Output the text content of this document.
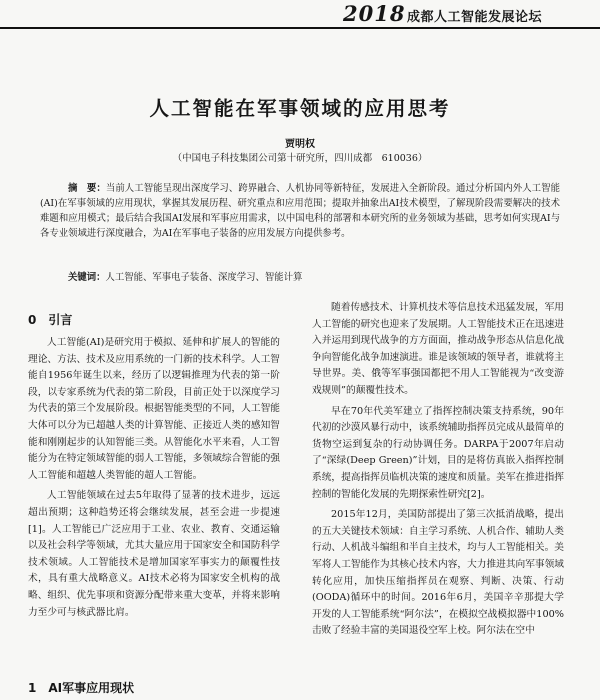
2018 成都人工智能发展论坛
人工智能在军事领域的应用思考
贾明权
（中国电子科技集团公司第十研究所，四川成都　610036）

摘　要：当前人工智能呈现出深度学习、跨界融合、人机协同等新特征，发展进入全新阶段。通过分析国内外人工智能(AI)在军事领域的应用现状，掌握其发展历程、研究重点和应用范围；提取并抽象出AI技术模型，了解现阶段需要解决的技术难题和应用模式；最后结合我国AI发展和军事应用需求，以中国电科的部署和本研究所的业务领域为基础，思考如何实现AI与各专业领域进行深度融合，为AI在军事电子装备的应用发展方向提供参考。

关键词：人工智能、军事电子装备、深度学习、智能计算

0　引言

人工智能(AI)是研究用于模拟、延伸和扩展人的智能的理论、方法、技术及应用系统的一门新的技术科学。人工智能自1956年诞生以来，经历了以逻辑推理为代表的第一阶段，以专家系统为代表的第二阶段，目前正处于以深度学习为代表的第三个发展阶段。根据智能类型的不同，人工智能大体可以分为已超越人类的计算智能、正接近人类的感知智能和刚刚起步的认知智能三类。从智能化水平来看，人工智能分为在特定领域智能的弱人工智能，多领域综合智能的强人工智能和超越人类智能的超人工智能。

人工智能领域在过去5年取得了显著的技术进步，远远超出预期；这种趋势还将会继续发展，甚至会进一步提速[1]。人工智能已广泛应用于工业、农业、教育、交通运输以及社会科学等领域，尤其大量应用于国家安全和国防科学技术领域。人工智能技术是增加国家军事实力的颠覆性技术，具有重大战略意义。AI技术必将为国家安全机构的战略、组织、优先事项和资源分配带来重大变革，并将来影响力至少可与核武器比肩。

随着传感技术、计算机技术等信息技术迅猛发展，军用人工智能的研究也迎来了发展期。人工智能技术正在迅速进入并运用到现代战争的方方面面，推动战争形态从信息化战争向智能化战争加速演进。谁是该领域的领导者，谁就将主导世界。美、俄等军事强国都把不用人工智能视为“改变游戏规则”的颠覆性技术。

早在70年代美军建立了指挥控制决策支持系统，90年代初的沙漠风暴行动中，该系统辅助指挥员完成从最简单的货物空运到复杂的行动协调任务。DARPA于2007年启动了“深绿(Deep Green)”计划，目的是将仿真嵌入指挥控制系统，提高指挥员临机决策的速度和质量。美军在推进指挥控制的智能化发展的先期探索性研究[2]。

2015年12月，美国防部提出了第三次抵消战略，提出的五大关键技术领域：自主学习系统、人机合作、辅助人类行动、人机战斗编组和半自主技术，均与人工智能相关。美军将人工智能作为其核心技术内容，大力推进其向军事领域转化应用，加快压缩指挥员在观察、判断、决策、行动(OODA)循环中的时间。2016年6月，美国辛辛那提大学开发的人工智能系统“阿尔法”，在模拟空战模拟器中100%击败了经验丰富的美国退役空军上校。阿尔法在空中

1　AI军事应用现状
